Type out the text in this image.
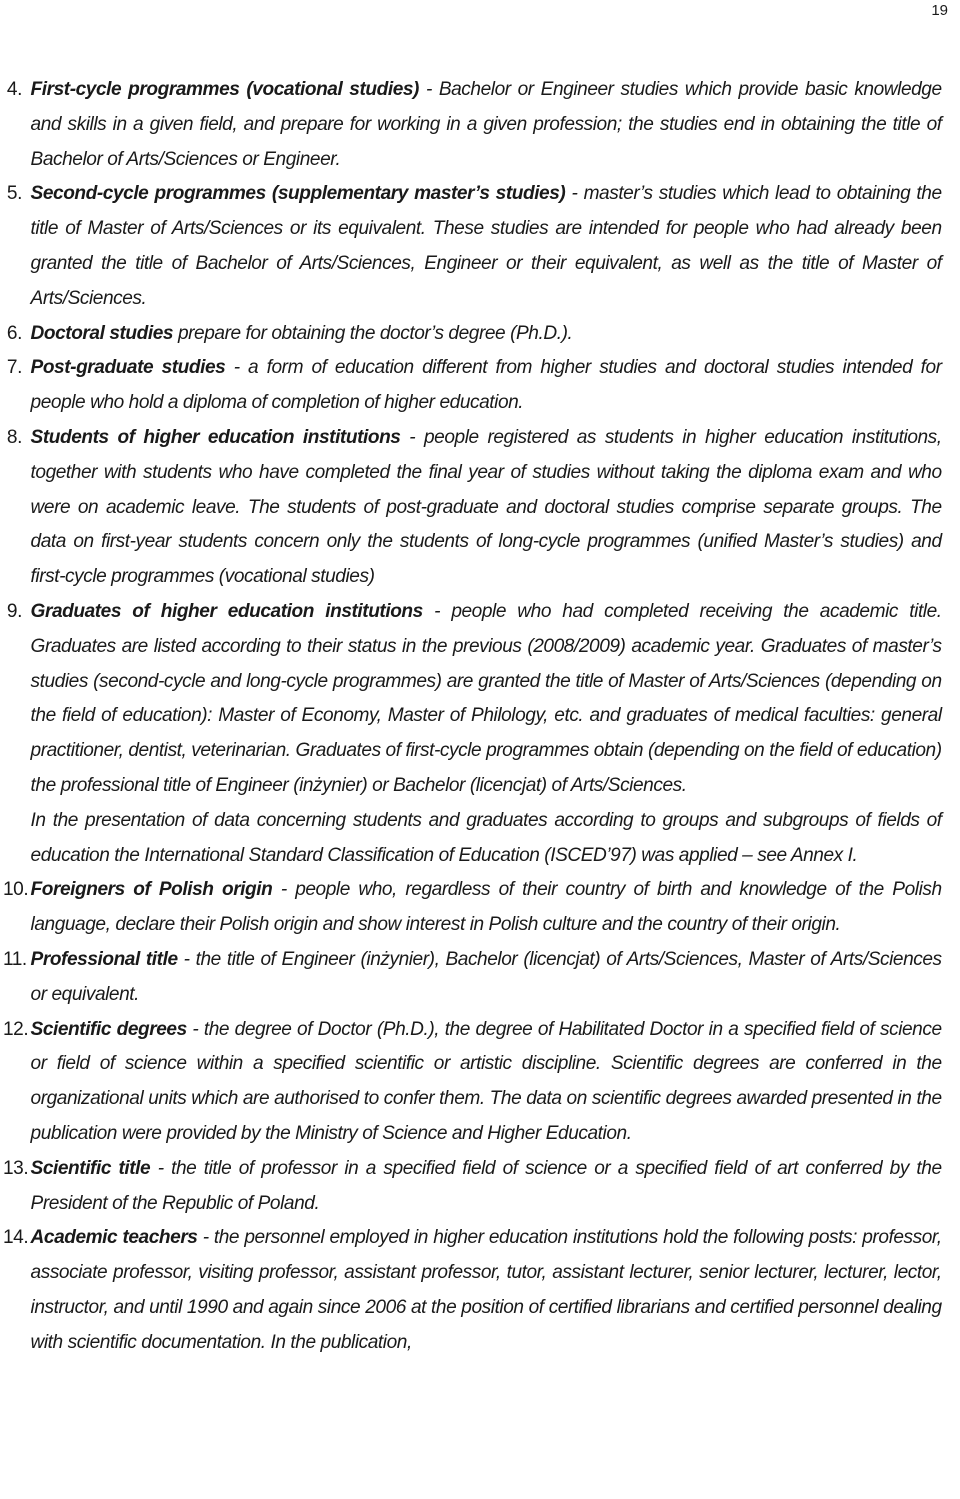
19
4. First-cycle programmes (vocational studies) - Bachelor or Engineer studies which provide basic knowledge and skills in a given field, and prepare for working in a given profession; the studies end in obtaining the title of Bachelor of Arts/Sciences or Engineer.

5. Second-cycle programmes (supplementary master’s studies) - master’s studies which lead to obtaining the title of Master of Arts/Sciences or its equivalent. These studies are intended for people who had already been granted the title of Bachelor of Arts/Sciences, Engineer or their equivalent, as well as the title of Master of Arts/Sciences.

6. Doctoral studies prepare for obtaining the doctor’s degree (Ph.D.).

7. Post-graduate studies - a form of education different from higher studies and doctoral studies intended for people who hold a diploma of completion of higher education.

8. Students of higher education institutions - people registered as students in higher education institutions, together with students who have completed the final year of studies without taking the diploma exam and who were on academic leave. The students of post-graduate and doctoral studies comprise separate groups. The data on first-year students concern only the students of long-cycle programmes (unified Master’s studies) and first-cycle programmes (vocational studies)

9. Graduates of higher education institutions - people who had completed receiving the academic title. Graduates are listed according to their status in the previous (2008/2009) academic year. Graduates of master’s studies (second-cycle and long-cycle programmes) are granted the title of Master of Arts/Sciences (depending on the field of education): Master of Economy, Master of Philology, etc. and graduates of medical faculties: general practitioner, dentist, veterinarian. Graduates of first-cycle programmes obtain (depending on the field of education) the professional title of Engineer (inżynier) or Bachelor (licencjat) of Arts/Sciences.

In the presentation of data concerning students and graduates according to groups and subgroups of fields of education the International Standard Classification of Education (ISCED’97) was applied – see Annex I.

10. Foreigners of Polish origin - people who, regardless of their country of birth and knowledge of the Polish language, declare their Polish origin and show interest in Polish culture and the country of their origin.

11. Professional title - the title of Engineer (inżynier), Bachelor (licencjat) of Arts/Sciences, Master of Arts/Sciences or equivalent.

12. Scientific degrees - the degree of Doctor (Ph.D.), the degree of Habilitated Doctor in a specified field of science or field of science within a specified scientific or artistic discipline. Scientific degrees are conferred in the organizational units which are authorised to confer them. The data on scientific degrees awarded presented in the publication were provided by the Ministry of Science and Higher Education.

13. Scientific title - the title of professor in a specified field of science or a specified field of art conferred by the President of the Republic of Poland.

14. Academic teachers - the personnel employed in higher education institutions hold the following posts: professor, associate professor, visiting professor, assistant professor, tutor, assistant lecturer, senior lecturer, lecturer, lector, instructor, and until 1990 and again since 2006 at the position of certified librarians and certified personnel dealing with scientific documentation. In the publication,
